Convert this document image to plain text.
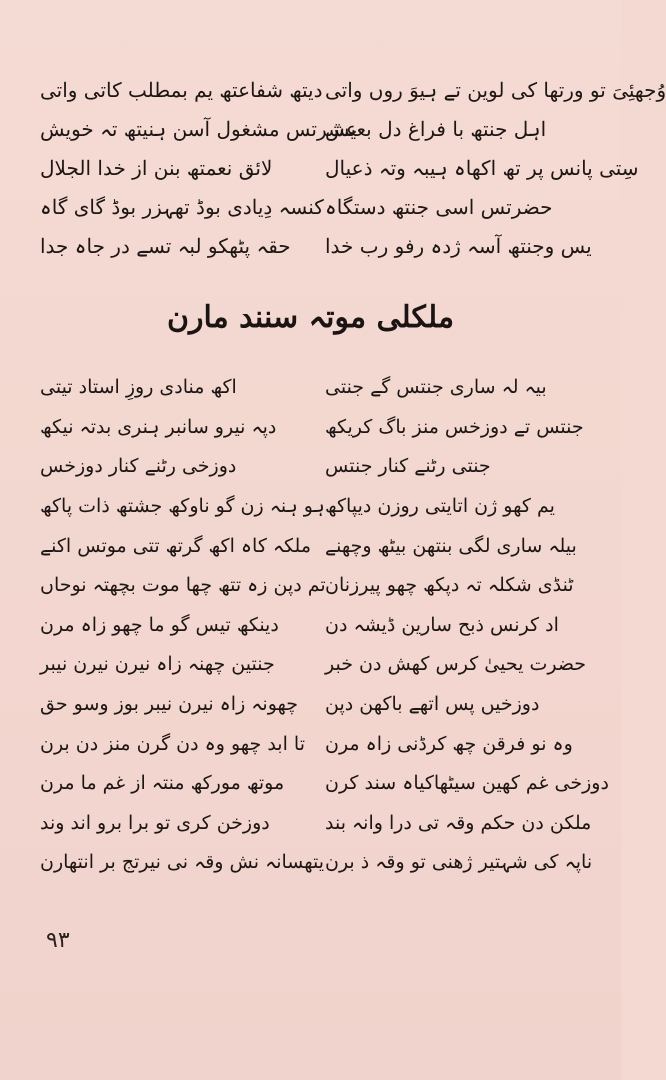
وُجھئِیَ تو ورتھا کی لوین تے ہیوَ روں واتی
اہل جنتھ با فراغ دل بعیش
سِتی پانس پر تھ اکھاہ ہیبہ وتہ ذعیال
حضرتس اسی جنتھ دستگاہ
یس وجنتھ آسہ ژدہ رفو رب خدا
دیتھ شفاعتھ یم بمطلب کاتی واتی
عشرتس مشغول آسن ہنیتھ تہ خویش
لائق نعمتھ بنن از خدا الجلال
کنسہ دِیادی بوڈ تھہزر بوڈ گای گاہ
حقہ پٹھکو لبہ تسے در جاہ جدا
ملکلی موتہ سنند مارن
بیہ لہ ساری جنتس گے جنتی
جنتس تے دوزخس منز باگ کریکھ
جنتی رٹنے کنار جنتس
یم کھو ژن اتایتی روزن دیپاکھ
بیلہ ساری لگی بنتھن بیٹھ وچھنے
ٹنڈی شکلہ تہ دپکھ چھو پیرزنان
اد کرنس ذبح سارین ڈیشہ دن
حضرت یحییٰ کرس کھش دن خبر
دوزخیں پس اتھے باکھن دپن
وہ نو فرقن چھ کرڈنی زاہ مرن
دوزخی غم کھین سیٹھاکیاہ سند کرن
ملکن دن حکم وقہ تی درا وانہ بند
ناپہ کی شہتیر ژھنی تو وقہ ذ برن
اکھ منادی روزِ استاد تیتی
دپہ نیرو سانبر ہنری بدتہ نیکھ
دوزخی رٹنے کنار دوزخس
ہو ہنہ زن گو ناوکھ جشتھ ذات پاکھ
ملکہ کاہ اکھ گرتھ تتی موتس اکنے
تم دپن زہ تتھ چھا موت بچھتہ نوحاں
دینکھ تیس گو ما چھو زاہ مرن
جنتین چھنہ زاہ نیرن نیرن نیبر
چھونہ زاہ نیرن نیبر بوز وسو حق
تا ابد چھو وہ دن گرن منز دن برن
موتھ مورکھ منتہ از غم ما مرن
دوزخن کری تو برا برو اند وند
یتھسانہ نش وقہ نی نیرتج بر انتھارن
۹۳
